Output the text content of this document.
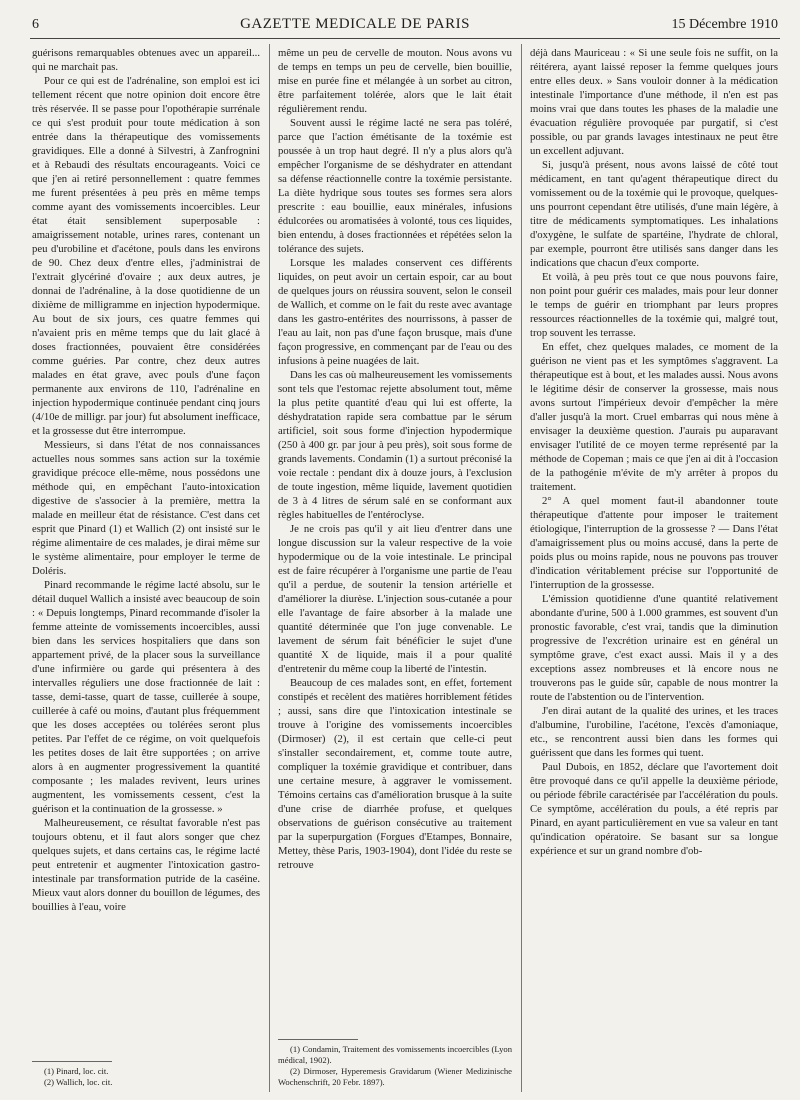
6	GAZETTE MEDICALE DE PARIS	15 Décembre 1910

guérisons remarquables obtenues avec un appareil... qui ne marchait pas.

Pour ce qui est de l'adrénaline, son emploi est ici tellement récent que notre opinion doit encore être très réservée. Il se passe pour l'opothérapie surrénale ce qui s'est produit pour toute médication à son entrée dans la thérapeutique des vomissements gravidiques. Elle a donné à Silvestri, à Zanfrognini et à Rebaudi des résultats encourageants. Voici ce que j'en ai retiré personnellement : quatre femmes me furent présentées à peu près en même temps comme ayant des vomissements incoercibles. Leur état était sensiblement superposable : amaigrissement notable, urines rares, contenant un peu d'urobiline et d'acétone, pouls dans les environs de 90. Chez deux d'entre elles, j'administrai de l'extrait glycériné d'ovaire ; aux deux autres, je donnai de l'adrénaline, à la dose quotidienne de un dixième de milligramme en injection hypodermique. Au bout de six jours, ces quatre femmes qui n'avaient pris en même temps que du lait glacé à doses fractionnées, pouvaient être considérées comme guéries. Par contre, chez deux autres malades en état grave, avec pouls d'une façon permanente aux environs de 110, l'adrénaline en injection hypodermique continuée pendant cinq jours (4/10e de milligr. par jour) fut absolument inefficace, et la grossesse dut être interrompue.

Messieurs, si dans l'état de nos connaissances actuelles nous sommes sans action sur la toxémie gravidique précoce elle-même, nous possédons une méthode qui, en empêchant l'auto-intoxication digestive de s'associer à la première, mettra la malade en meilleur état de résistance. C'est dans cet esprit que Pinard (1) et Wallich (2) ont insisté sur le régime alimentaire de ces malades, je dirai même sur le système alimentaire, pour employer le terme de Doléris.

Pinard recommande le régime lacté absolu, sur le détail duquel Wallich a insisté avec beaucoup de soin : « Depuis longtemps, Pinard recommande d'isoler la femme atteinte de vomissements incoercibles, aussi bien dans les services hospitaliers que dans son appartement privé, de la placer sous la surveillance d'une infirmière ou garde qui présentera à des intervalles réguliers une dose fractionnée de lait : tasse, demi-tasse, quart de tasse, cuillerée à soupe, cuillerée à café ou moins, d'autant plus fréquemment que les doses acceptées ou tolérées seront plus petites. Par l'effet de ce régime, on voit quelquefois les petites doses de lait être supportées ; on arrive alors à en augmenter progressivement la quantité composante ; les malades revivent, leurs urines augmentent, les vomissements cessent, c'est la guérison et la continuation de la grossesse. »

Malheureusement, ce résultat favorable n'est pas toujours obtenu, et il faut alors songer que chez quelques sujets, et dans certains cas, le régime lacté peut entretenir et augmenter l'intoxication gastro-intestinale par transformation putride de la caséine. Mieux vaut alors donner du bouillon de légumes, des bouillies à l'eau, voire

(1) Pinard, loc. cit.

(2) Wallich, loc. cit.

même un peu de cervelle de mouton. Nous avons vu de temps en temps un peu de cervelle, bien bouillie, mise en purée fine et mélangée à un sorbet au citron, être parfaitement tolérée, alors que le lait était régulièrement rendu.

Souvent aussi le régime lacté ne sera pas toléré, parce que l'action émétisante de la toxémie est poussée à un trop haut degré. Il n'y a plus alors qu'à empêcher l'organisme de se déshydrater en attendant sa défense réactionnelle contre la toxémie persistante. La diète hydrique sous toutes ses formes sera alors prescrite : eau bouillie, eaux minérales, infusions édulcorées ou aromatisées à volonté, tous ces liquides, bien entendu, à doses fractionnées et répétées selon la tolérance des sujets.

Lorsque les malades conservent ces différents liquides, on peut avoir un certain espoir, car au bout de quelques jours on réussira souvent, selon le conseil de Wallich, et comme on le fait du reste avec avantage dans les gastro-entérites des nourrissons, à passer de l'eau au lait, non pas d'une façon brusque, mais d'une façon progressive, en commençant par de l'eau ou des infusions à peine nuagées de lait.

Dans les cas où malheureusement les vomissements sont tels que l'estomac rejette absolument tout, même la plus petite quantité d'eau qui lui est offerte, la déshydratation rapide sera combattue par le sérum artificiel, soit sous forme d'injection hypodermique (250 à 400 gr. par jour à peu près), soit sous forme de grands lavements. Condamin (1) a surtout préconisé la voie rectale : pendant dix à douze jours, à l'exclusion de toute ingestion, même liquide, lavement quotidien de 3 à 4 litres de sérum salé en se conformant aux règles habituelles de l'entéroclyse.

Je ne crois pas qu'il y ait lieu d'entrer dans une longue discussion sur la valeur respective de la voie hypodermique ou de la voie intestinale. Le principal est de faire récupérer à l'organisme une partie de l'eau qu'il a perdue, de soutenir la tension artérielle et d'améliorer la diurèse. L'injection sous-cutanée a pour elle l'avantage de faire absorber à la malade une quantité déterminée que l'on juge convenable. Le lavement de sérum fait bénéficier le sujet d'une quantité X de liquide, mais il a pour qualité d'entretenir du même coup la liberté de l'intestin.

Beaucoup de ces malades sont, en effet, fortement constipés et recèlent des matières horriblement fétides ; aussi, sans dire que l'intoxication intestinale se trouve à l'origine des vomissements incoercibles (Dirmoser) (2), il est certain que celle-ci peut s'installer secondairement, et, comme toute autre, compliquer la toxémie gravidique et contribuer, dans une certaine mesure, à aggraver le vomissement. Témoins certains cas d'amélioration brusque à la suite d'une crise de diarrhée profuse, et quelques observations de guérison consécutive au traitement par la superpurgation (Forgues d'Etampes, Bonnaire, Mettey, thèse Paris, 1903-1904), dont l'idée du reste se retrouve

(1) Condamin, Traitement des vomissements incoercibles (Lyon médical, 1902).

(2) Dirmoser, Hyperemesis Gravidarum (Wiener Medizinische Wochenschrift, 20 Febr. 1897).

déjà dans Mauriceau : « Si une seule fois ne suffit, on la réitérera, ayant laissé reposer la femme quelques jours entre elles deux. » Sans vouloir donner à la médication intestinale l'importance d'une méthode, il n'en est pas moins vrai que dans toutes les phases de la maladie une évacuation régulière provoquée par purgatif, si c'est possible, ou par grands lavages intestinaux ne peut être un excellent adjuvant.

Si, jusqu'à présent, nous avons laissé de côté tout médicament, en tant qu'agent thérapeutique direct du vomissement ou de la toxémie qui le provoque, quelques-uns pourront cependant être utilisés, d'une main légère, à titre de médicaments symptomatiques. Les inhalations d'oxygène, le sulfate de spartéine, l'hydrate de chloral, par exemple, pourront être utilisés sans danger dans les indications que chacun d'eux comporte.

Et voilà, à peu près tout ce que nous pouvons faire, non point pour guérir ces malades, mais pour leur donner le temps de guérir en triomphant par leurs propres ressources réactionnelles de la toxémie qui, malgré tout, trop souvent les terrasse.

En effet, chez quelques malades, ce moment de la guérison ne vient pas et les symptômes s'aggravent. La thérapeutique est à bout, et les malades aussi. Nous avons le légitime désir de conserver la grossesse, mais nous avons surtout l'impérieux devoir d'empêcher la mère d'aller jusqu'à la mort. Cruel embarras qui nous mène à envisager la deuxième question. J'aurais pu auparavant envisager l'utilité de ce moyen terme représenté par la méthode de Copeman ; mais ce que j'en ai dit à l'occasion de la pathogénie m'évite de m'y arrêter à propos du traitement.

2° A quel moment faut-il abandonner toute thérapeutique d'attente pour imposer le traitement étiologique, l'interruption de la grossesse ? — Dans l'état d'amaigrissement plus ou moins accusé, dans la perte de poids plus ou moins rapide, nous ne pouvons pas trouver d'indication véritablement précise sur l'opportunité de l'interruption de la grossesse.

L'émission quotidienne d'une quantité relativement abondante d'urine, 500 à 1.000 grammes, est souvent d'un pronostic favorable, c'est vrai, tandis que la diminution progressive de l'excrétion urinaire est en général un symptôme grave, c'est exact aussi. Mais il y a des exceptions assez nombreuses et là encore nous ne trouverons pas le guide sûr, capable de nous montrer la route de l'abstention ou de l'intervention.

J'en dirai autant de la qualité des urines, et les traces d'albumine, l'urobiline, l'acétone, l'excès d'amoniaque, etc., se rencontrent aussi bien dans les formes qui guérissent que dans les formes qui tuent.

Paul Dubois, en 1852, déclare que l'avortement doit être provoqué dans ce qu'il appelle la deuxième période, ou période fébrile caractérisée par l'accélération du pouls. Ce symptôme, accélération du pouls, a été repris par Pinard, en ayant particulièrement en vue sa valeur en tant qu'indication opératoire. Se basant sur sa longue expérience et sur un grand nombre d'ob-
